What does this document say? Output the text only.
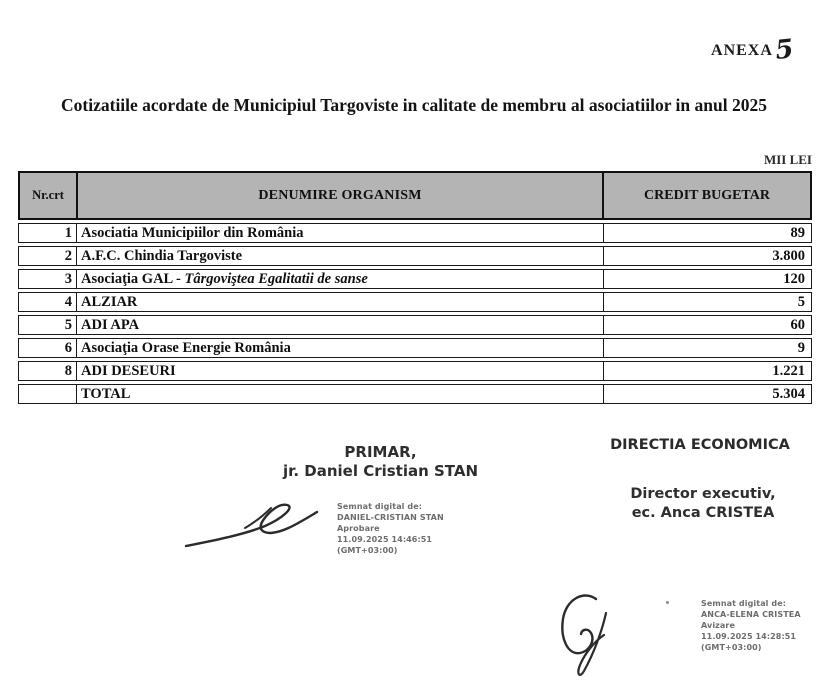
ANEXA5
Cotizatiile acordate de Municipiul Targoviste in calitate de membru al asociatiilor in anul 2025
MII LEI
Nr.crt	DENUMIRE ORGANISM	CREDIT BUGETAR
1 Asociatia Municipiilor din România	89
2 A.F.C. Chindia Targoviste	3.800
3 Asociaţia GAL - Târgoviştea Egalitatii de sanse	120
4 ALZIAR	5
5 ADI APA	60
6 Asociaţia Orase Energie România	9
8 ADI DESEURI	1.221
TOTAL	5.304
PRIMAR,
jr. Daniel Cristian STAN
DIRECTIA ECONOMICA
Director executiv,
ec. Anca CRISTEA
Semnat digital de:
DANIEL-CRISTIAN STAN
Aprobare
11.09.2025 14:46:51
(GMT+03:00)
Semnat digital de:
ANCA-ELENA CRISTEA
Avizare
11.09.2025 14:28:51
(GMT+03:00)
